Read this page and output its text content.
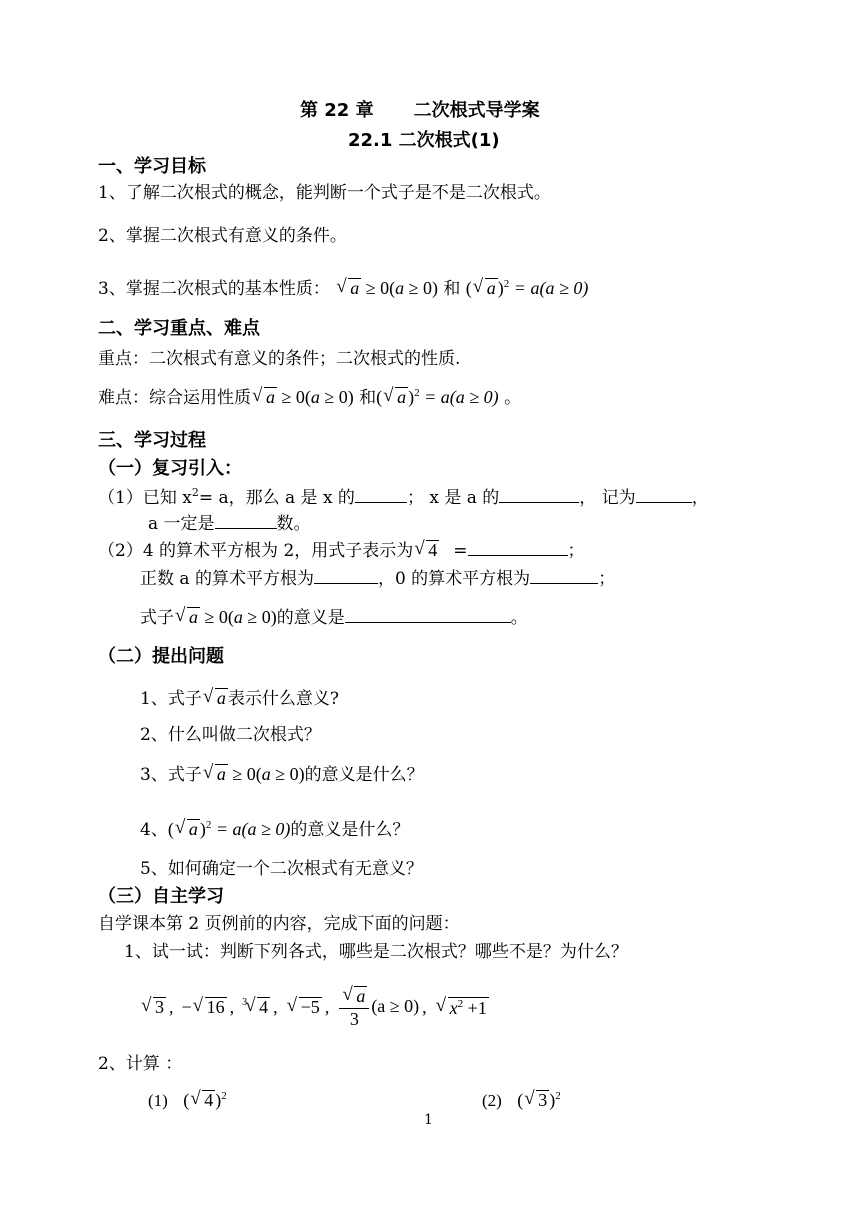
第 22 章 二次根式导学案
22.1 二次根式(1)
一、学习目标
1、了解二次根式的概念，能判断一个式子是不是二次根式。
2、掌握二次根式有意义的条件。
3、掌握二次根式的基本性质： √ a ≥ 0(a ≥ 0) 和 ( √ a )$^2$ = a(a ≥ 0)
二、学习重点、难点
重点：二次根式有意义的条件；二次根式的性质.
难点：综合运用性质 √ a ≥ 0(a ≥ 0) 和( √ a )$^2$ = a(a ≥ 0) 。
三、学习过程
（一）复习引入：
（1）已知 $x^2= a$，那么 a 是 x 的	； x 是 a 的	， 记为	，
a 一定是	数。
（2）4 的算术平方根为 2，用式子表示为 √ 4 =	；
正数 a 的算术平方根为	，0 的算术平方根为	；
式子 √ a ≥ 0(a ≥ 0)的意义是	。
（二）提出问题
1、式子 √ a 表示什么意义?
2、什么叫做二次根式？
3、式子 √ a ≥ 0(a ≥ 0)的意义是什么？
4、( √ a )$^2$ = a(a ≥ 0)的意义是什么？
5、如何确定一个二次根式有无意义？
（三）自主学习
自学课本第 2 页例前的内容，完成下面的问题：
1、试一试：判断下列各式，哪些是二次根式？哪些不是？为什么？
√ 3 , − √ 16 , $^3$ √ 4 ,	√ −5 , √ $\frac{a}{3} (a \ge 0)$ ,	√ $x^2 +1$
2、计算 ：
(1) ( √ 4 )$^2$	(2) ( √ 3 )$^2$
1
